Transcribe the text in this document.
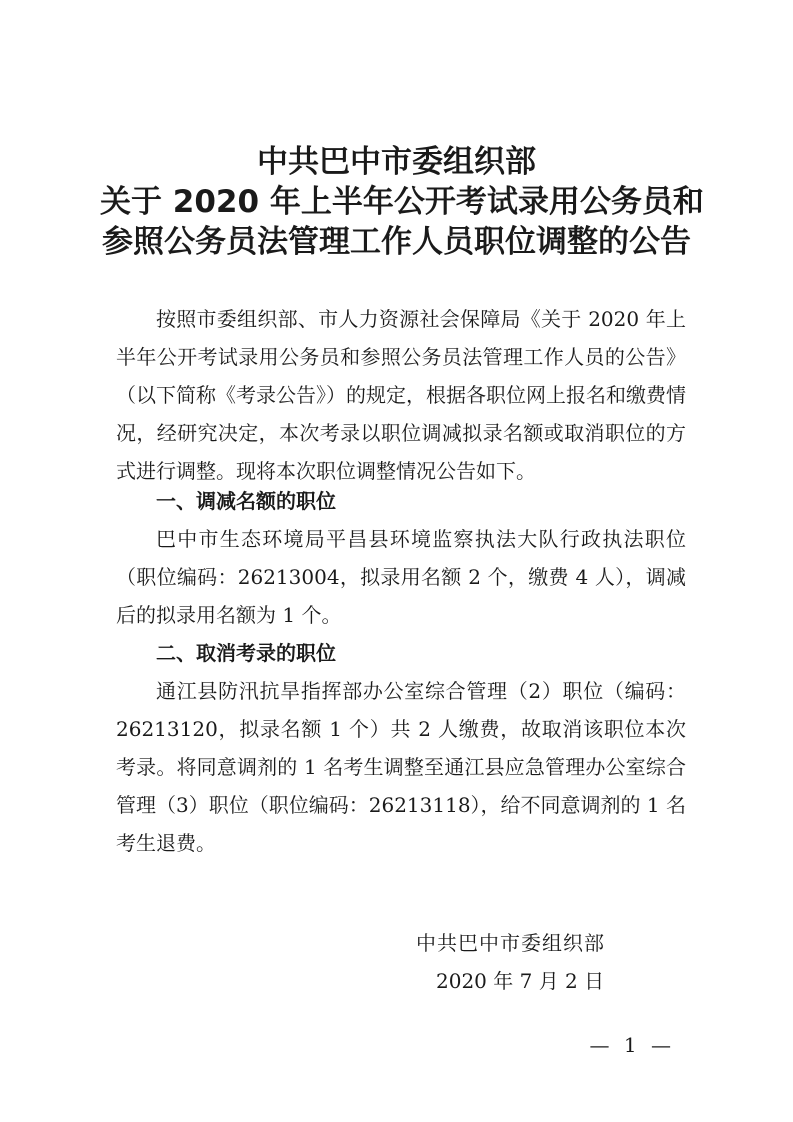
中共巴中市委组织部
关于 2020 年上半年公开考试录用公务员和
参照公务员法管理工作人员职位调整的公告

按照市委组织部、市人力资源社会保障局《关于 2020 年上半年公开考试录用公务员和参照公务员法管理工作人员的公告》（以下简称《考录公告》）的规定，根据各职位网上报名和缴费情况，经研究决定，本次考录以职位调减拟录名额或取消职位的方式进行调整。现将本次职位调整情况公告如下。

一、调减名额的职位

巴中市生态环境局平昌县环境监察执法大队行政执法职位（职位编码：26213004，拟录用名额 2 个，缴费 4 人），调减后的拟录用名额为 1 个。

二、取消考录的职位

通江县防汛抗旱指挥部办公室综合管理（2）职位（编码：26213120，拟录名额 1 个）共 2 人缴费，故取消该职位本次考录。将同意调剂的 1 名考生调整至通江县应急管理办公室综合管理（3）职位（职位编码：26213118），给不同意调剂的 1 名考生退费。

中共巴中市委组织部

2020 年 7 月 2 日

— 1 —
